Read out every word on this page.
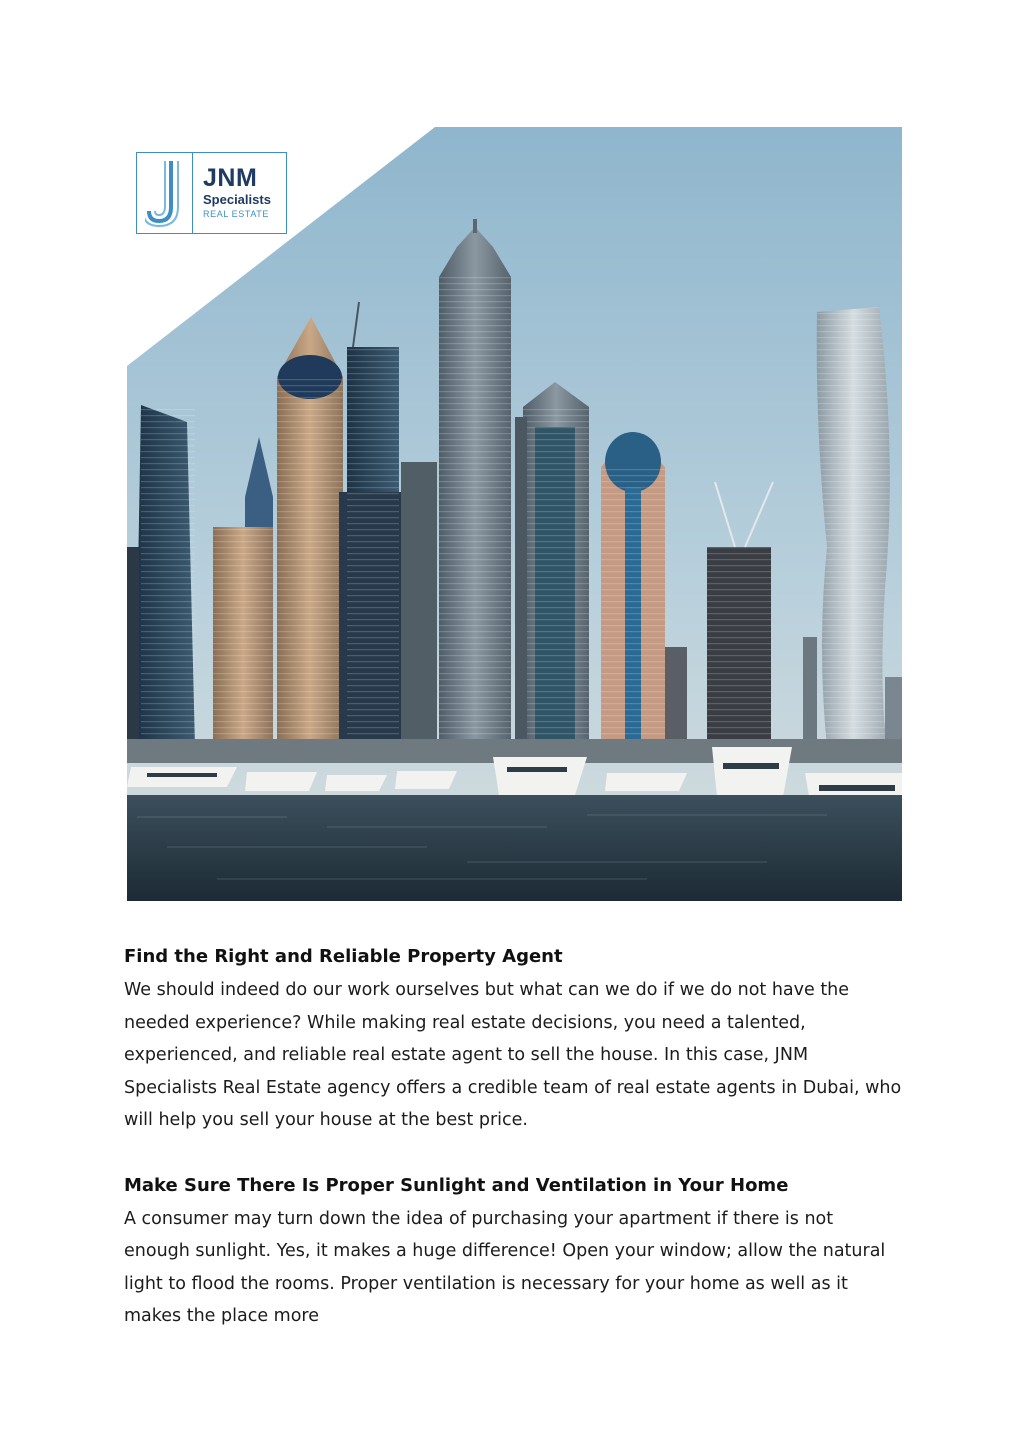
JNM
Specialists
REAL ESTATE
Find the Right and Reliable Property Agent

We should indeed do our work ourselves but what can we do if we do not have the needed experience? While making real estate decisions, you need a talented, experienced, and reliable real estate agent to sell the house. In this case, JNM Specialists Real Estate agency offers a credible team of real estate agents in Dubai, who will help you sell your house at the best price.

Make Sure There Is Proper Sunlight and Ventilation in Your Home

A consumer may turn down the idea of purchasing your apartment if there is not enough sunlight. Yes, it makes a huge difference! Open your window; allow the natural light to flood the rooms. Proper ventilation is necessary for your home as well as it makes the place more
